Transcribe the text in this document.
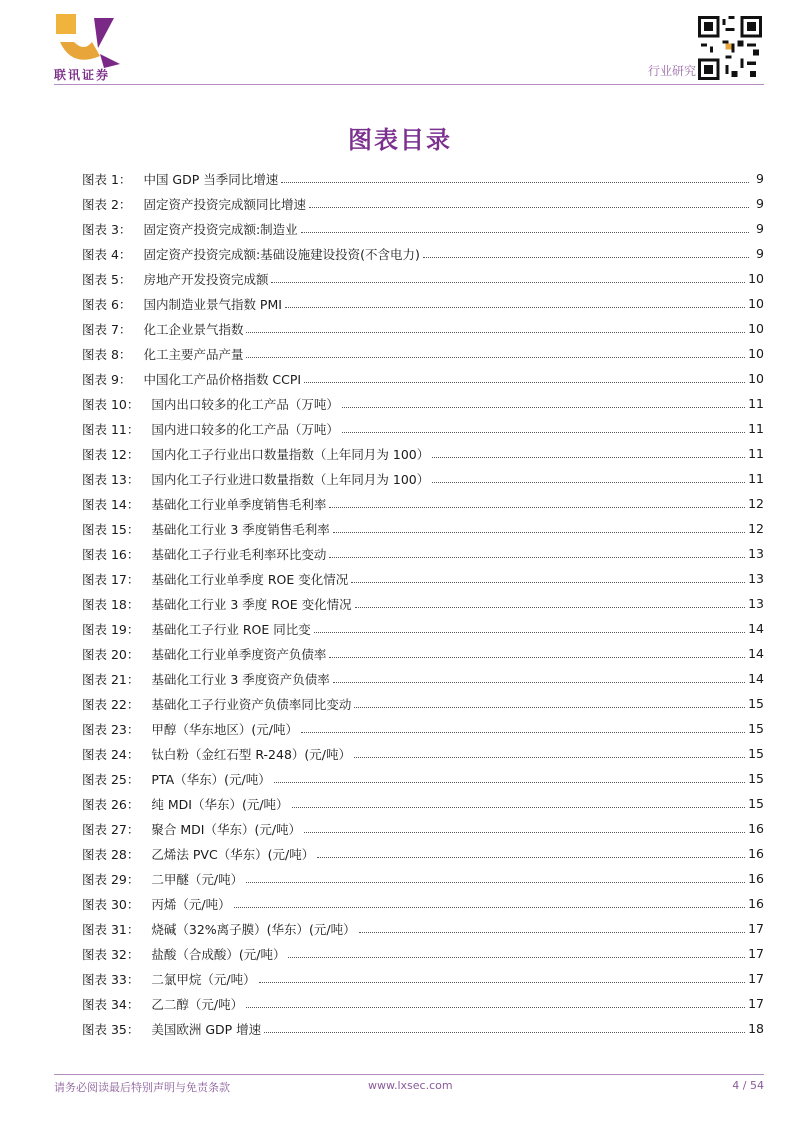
联讯证券	行业研究
图表目录
图表 1： 中国 GDP 当季同比增速	9
图表 2： 固定资产投资完成额同比增速	9
图表 3： 固定资产投资完成额:制造业	9
图表 4： 固定资产投资完成额:基础设施建设投资(不含电力)	9
图表 5： 房地产开发投资完成额	10
图表 6： 国内制造业景气指数 PMI	10
图表 7： 化工企业景气指数	10
图表 8： 化工主要产品产量	10
图表 9： 中国化工产品价格指数 CCPI	10
图表 10： 国内出口较多的化工产品（万吨）	11
图表 11： 国内进口较多的化工产品（万吨）	11
图表 12： 国内化工子行业出口数量指数（上年同月为 100）	11
图表 13： 国内化工子行业进口数量指数（上年同月为 100）	11
图表 14： 基础化工行业单季度销售毛利率	12
图表 15： 基础化工行业 3 季度销售毛利率	12
图表 16： 基础化工子行业毛利率环比变动	13
图表 17： 基础化工行业单季度 ROE 变化情况	13
图表 18： 基础化工行业 3 季度 ROE 变化情况	13
图表 19： 基础化工子行业 ROE 同比变	14
图表 20： 基础化工行业单季度资产负债率	14
图表 21： 基础化工行业 3 季度资产负债率	14
图表 22： 基础化工子行业资产负债率同比变动	15
图表 23： 甲醇（华东地区）(元/吨）	15
图表 24： 钛白粉（金红石型 R-248）(元/吨）	15
图表 25： PTA（华东）(元/吨）	15
图表 26： 纯 MDI（华东）(元/吨）	15
图表 27： 聚合 MDI（华东）(元/吨）	16
图表 28： 乙烯法 PVC（华东）(元/吨）	16
图表 29： 二甲醚（元/吨）	16
图表 30： 丙烯（元/吨）	16
图表 31： 烧碱（32%离子膜）(华东）(元/吨）	17
图表 32： 盐酸（合成酸）(元/吨）	17
图表 33： 二氯甲烷（元/吨）	17
图表 34： 乙二醇（元/吨）	17
图表 35： 美国欧洲 GDP 增速	18
请务必阅读最后特别声明与免责条款	www.lxsec.com	4 / 54
